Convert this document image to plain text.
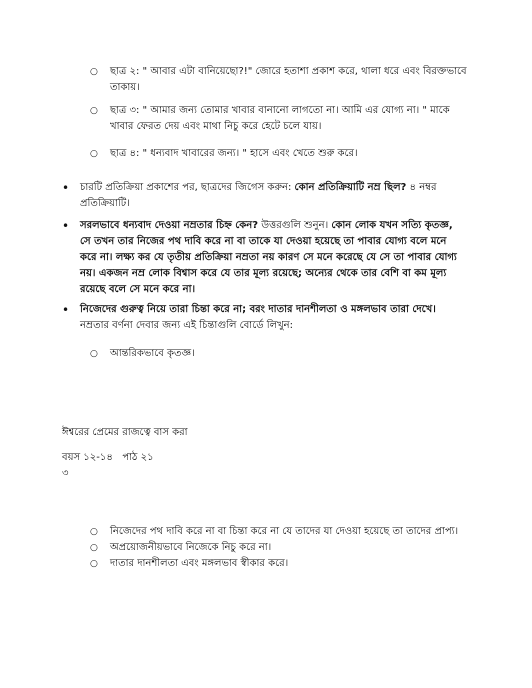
○ ছাত্র ২: " আবার এটা বানিয়েছো?!" জোরে হতাশা প্রকাশ করে, থালা ধরে এবং বিরক্তভাবে তাকায়।
○ ছাত্র ৩: " আমার জন্য তোমার খাবার বানানো লাগতো না। আমি এর যোগ্য না। " মাকে খাবার ফেরত দেয় এবং মাথা নিচু করে হেটে চলে যায়।
○ ছাত্র ৪: " ধন্যবাদ খাবারের জন্য। " হাসে এবং খেতে শুরু করে।
• চারটি প্রতিক্রিয়া প্রকাশের পর, ছাত্রদের জিগেস করুন: কোন প্রতিক্রিয়াটি নম্র ছিল? ৪ নম্বর প্রতিক্রিয়াটি।
• সরলভাবে ধন্যবাদ দেওয়া নম্রতার চিহ্ন কেন? উত্তরগুলি শুনুন। কোন লোক যখন সত্যি কৃতজ্ঞ, সে তখন তার নিজের পথ দাবি করে না বা তাকে যা দেওয়া হয়েছে তা পাবার যোগ্য বলে মনে করে না। লক্ষ্য কর যে তৃতীয় প্রতিক্রিয়া নম্রতা নয় কারণ সে মনে করেছে যে সে তা পাবার যোগ্য নয়। একজন নম্র লোক বিশ্বাস করে যে তার মূল্য রয়েছে; অন্যের থেকে তার বেশি বা কম মূল্য রয়েছে বলে সে মনে করে না।
• নিজেদের গুরুত্ব নিয়ে তারা চিন্তা করে না; বরং দাতার দানশীলতা ও মঙ্গলভাব তারা দেখে। নম্রতার বর্ণনা দেবার জন্য এই চিন্তাগুলি বোর্ডে লিখুন:
○ আন্তরিকভাবে কৃতজ্ঞ।
ঈশ্বরের প্রেমের রাজত্বে বাস করা
বয়স ১২-১৪   পাঠ ২১
৩
○ নিজেদের পথ দাবি করে না বা চিন্তা করে না যে তাদের যা দেওয়া হয়েছে তা তাদের প্রাপ্য।
○ অপ্রয়োজনীয়ভাবে নিজেকে নিচু করে না।
○ দাতার দানশীলতা এবং মঙ্গলভাব স্বীকার করে।
